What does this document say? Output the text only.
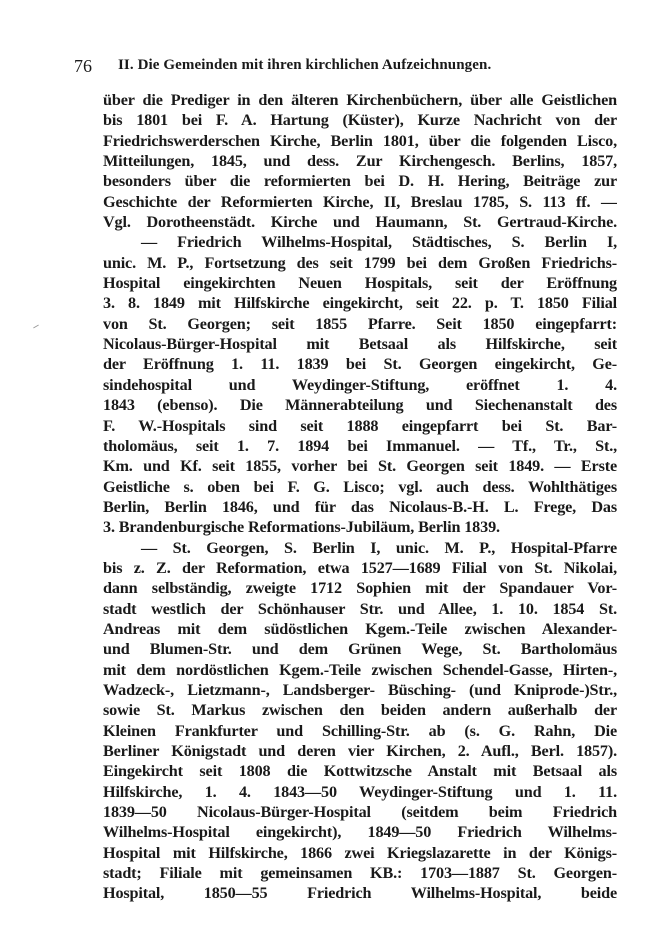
76 II. Die Gemeinden mit ihren kirchlichen Aufzeichnungen.
über die Prediger in den älteren Kirchenbüchern, über alle Geistlichen
bis 1801 bei F. A. Hartung (Küster), Kurze Nachricht von der
Friedrichswerderschen Kirche, Berlin 1801, über die folgenden Lisco,
Mitteilungen, 1845, und dess. Zur Kirchengesch. Berlins, 1857,
besonders über die reformierten bei D. H. Hering, Beiträge zur
Geschichte der Reformierten Kirche, II, Breslau 1785, S. 113 ff. —
Vgl. Dorotheenstädt. Kirche und Haumann, St. Gertraud-Kirche.
— Friedrich Wilhelms-Hospital, Städtisches, S. Berlin I,
unic. M. P., Fortsetzung des seit 1799 bei dem Großen Friedrichs-
Hospital eingekirchten Neuen Hospitals, seit der Eröffnung
3. 8. 1849 mit Hilfskirche eingekircht, seit 22. p. T. 1850 Filial
von St. Georgen; seit 1855 Pfarre. Seit 1850 eingepfarrt:
Nicolaus-Bürger-Hospital mit Betsaal als Hilfskirche, seit
der Eröffnung 1. 11. 1839 bei St. Georgen eingekircht, Ge-
sindehospital und Weydinger-Stiftung, eröffnet 1. 4.
1843 (ebenso). Die Männerabteilung und Siechenanstalt des
F. W.-Hospitals sind seit 1888 eingepfarrt bei St. Bar-
tholomäus, seit 1. 7. 1894 bei Immanuel. — Tf., Tr., St.,
Km. und Kf. seit 1855, vorher bei St. Georgen seit 1849. — Erste
Geistliche s. oben bei F. G. Lisco; vgl. auch dess. Wohlthätiges
Berlin, Berlin 1846, und für das Nicolaus-B.-H. L. Frege, Das
3. Brandenburgische Reformations-Jubiläum, Berlin 1839.
— St. Georgen, S. Berlin I, unic. M. P., Hospital-Pfarre
bis z. Z. der Reformation, etwa 1527—1689 Filial von St. Nikolai,
dann selbständig, zweigte 1712 Sophien mit der Spandauer Vor-
stadt westlich der Schönhauser Str. und Allee, 1. 10. 1854 St.
Andreas mit dem südöstlichen Kgem.-Teile zwischen Alexander-
und Blumen-Str. und dem Grünen Wege, St. Bartholomäus
mit dem nordöstlichen Kgem.-Teile zwischen Schendel-Gasse, Hirten-,
Wadzeck-, Lietzmann-, Landsberger- Büsching- (und Kniprode-)Str.,
sowie St. Markus zwischen den beiden andern außerhalb der
Kleinen Frankfurter und Schilling-Str. ab (s. G. Rahn, Die
Berliner Königstadt und deren vier Kirchen, 2. Aufl., Berl. 1857).
Eingekircht seit 1808 die Kottwitzsche Anstalt mit Betsaal als
Hilfskirche, 1. 4. 1843—50 Weydinger-Stiftung und 1. 11.
1839—50 Nicolaus-Bürger-Hospital (seitdem beim Friedrich
Wilhelms-Hospital eingekircht), 1849—50 Friedrich Wilhelms-
Hospital mit Hilfskirche, 1866 zwei Kriegslazarette in der Königs-
stadt; Filiale mit gemeinsamen KB.: 1703—1887 St. Georgen-
Hospital, 1850—55 Friedrich Wilhelms-Hospital, beide
